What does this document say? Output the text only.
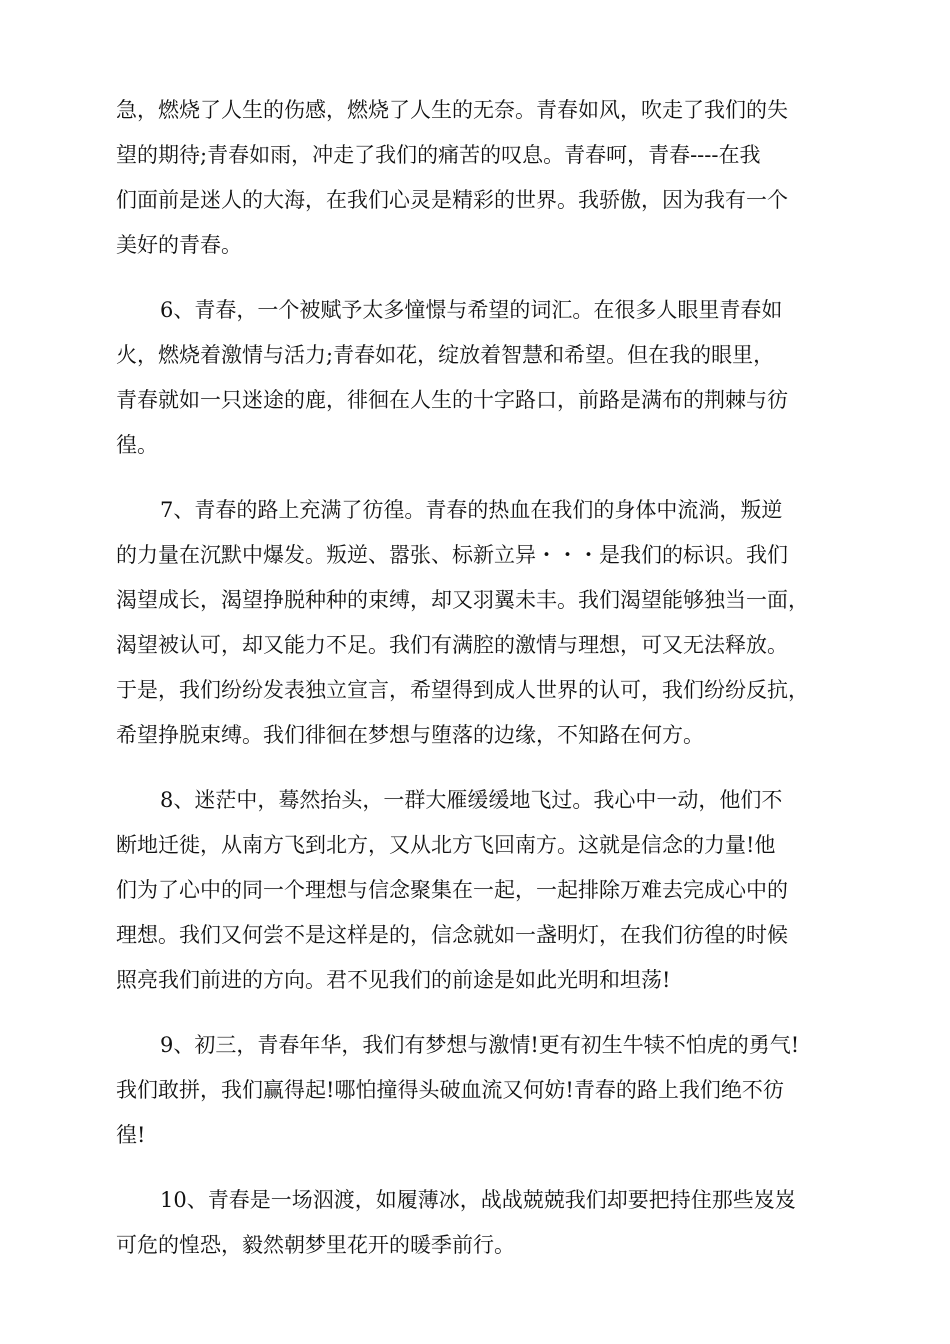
急，燃烧了人生的伤感，燃烧了人生的无奈。青春如风，吹走了我们的失
望的期待;青春如雨，冲走了我们的痛苦的叹息。青春呵，青春----在我
们面前是迷人的大海，在我们心灵是精彩的世界。我骄傲，因为我有一个
美好的青春。

6、青春，一个被赋予太多憧憬与希望的词汇。在很多人眼里青春如
火，燃烧着激情与活力;青春如花，绽放着智慧和希望。但在我的眼里，
青春就如一只迷途的鹿，徘徊在人生的十字路口，前路是满布的荆棘与彷
徨。

7、青春的路上充满了彷徨。青春的热血在我们的身体中流淌，叛逆
的力量在沉默中爆发。叛逆、嚣张、标新立异・・・是我们的标识。我们
渴望成长，渴望挣脱种种的束缚，却又羽翼未丰。我们渴望能够独当一面，
渴望被认可，却又能力不足。我们有满腔的激情与理想，可又无法释放。
于是，我们纷纷发表独立宣言，希望得到成人世界的认可，我们纷纷反抗，
希望挣脱束缚。我们徘徊在梦想与堕落的边缘，不知路在何方。

8、迷茫中，蓦然抬头，一群大雁缓缓地飞过。我心中一动，他们不
断地迁徙，从南方飞到北方，又从北方飞回南方。这就是信念的力量!他
们为了心中的同一个理想与信念聚集在一起，一起排除万难去完成心中的
理想。我们又何尝不是这样是的，信念就如一盏明灯，在我们彷徨的时候
照亮我们前进的方向。君不见我们的前途是如此光明和坦荡!

9、初三，青春年华，我们有梦想与激情!更有初生牛犊不怕虎的勇气!
我们敢拼，我们赢得起!哪怕撞得头破血流又何妨!青春的路上我们绝不彷
徨!

10、青春是一场泅渡，如履薄冰，战战兢兢我们却要把持住那些岌岌
可危的惶恐，毅然朝梦里花开的暖季前行。
